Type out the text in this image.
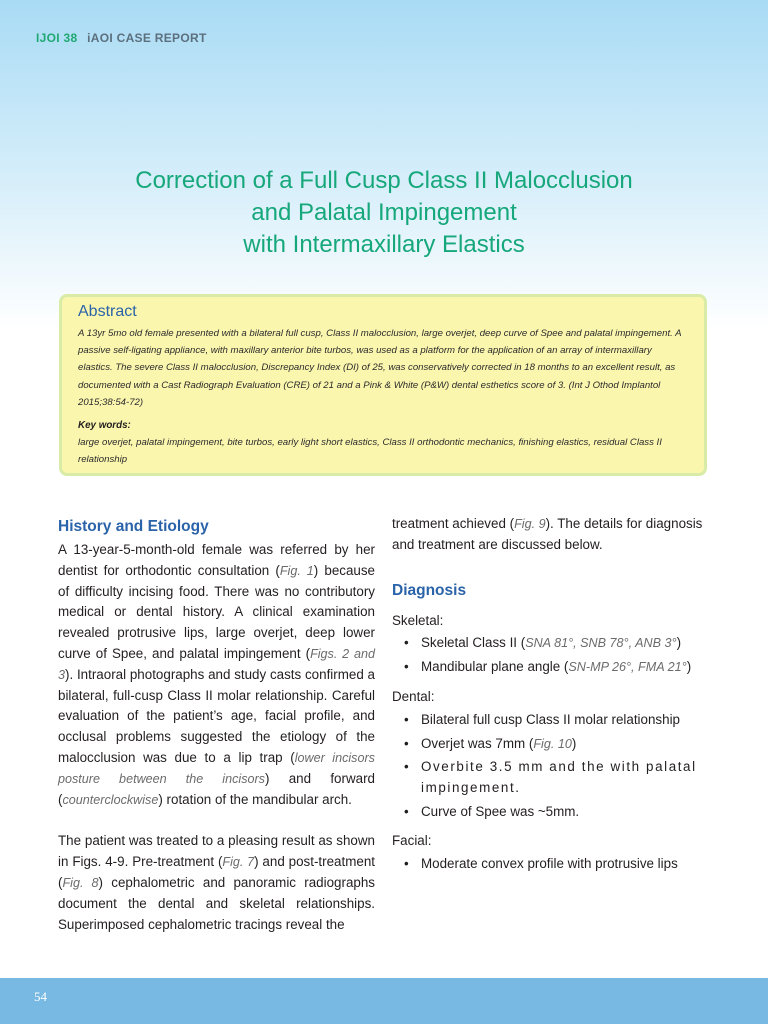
IJOI 38 iAOI CASE REPORT
Correction of a Full Cusp Class II Malocclusion
and Palatal Impingement
with Intermaxillary Elastics
Abstract

A 13yr 5mo old female presented with a bilateral full cusp, Class II malocclusion, large overjet, deep curve of Spee and palatal impingement. A passive self-ligating appliance, with maxillary anterior bite turbos, was used as a platform for the application of an array of intermaxillary elastics. The severe Class II malocclusion, Discrepancy Index (DI) of 25, was conservatively corrected in 18 months to an excellent result, as documented with a Cast Radiograph Evaluation (CRE) of 21 and a Pink & White (P&W) dental esthetics score of 3. (Int J Othod Implantol 2015;38:54-72)

Key words:
large overjet, palatal impingement, bite turbos, early light short elastics, Class II orthodontic mechanics, finishing elastics, residual Class II relationship
History and Etiology

A 13-year-5-month-old female was referred by her dentist for orthodontic consultation (Fig. 1) because of difficulty incising food. There was no contributory medical or dental history. A clinical examination revealed protrusive lips, large overjet, deep lower curve of Spee, and palatal impingement (Figs. 2 and 3). Intraoral photographs and study casts confirmed a bilateral, full-cusp Class II molar relationship. Careful evaluation of the patient’s age, facial profile, and occlusal problems suggested the etiology of the malocclusion was due to a lip trap (lower incisors posture between the incisors) and forward (counterclockwise) rotation of the mandibular arch.

The patient was treated to a pleasing result as shown in Figs. 4-9. Pre-treatment (Fig. 7) and post-treatment (Fig. 8) cephalometric and panoramic radiographs document the dental and skeletal relationships. Superimposed cephalometric tracings reveal the

treatment achieved (Fig. 9). The details for diagnosis and treatment are discussed below.

Diagnosis

Skeletal:

• Skeletal Class II (SNA 81°, SNB 78°, ANB 3°)
• Mandibular plane angle (SN-MP 26°, FMA 21°)

Dental:

• Bilateral full cusp Class II molar relationship
• Overjet was 7mm (Fig. 10)
• Overbite 3.5 mm and the with palatal impingement.
• Curve of Spee was ~5mm.

Facial:

• Moderate convex profile with protrusive lips
54
